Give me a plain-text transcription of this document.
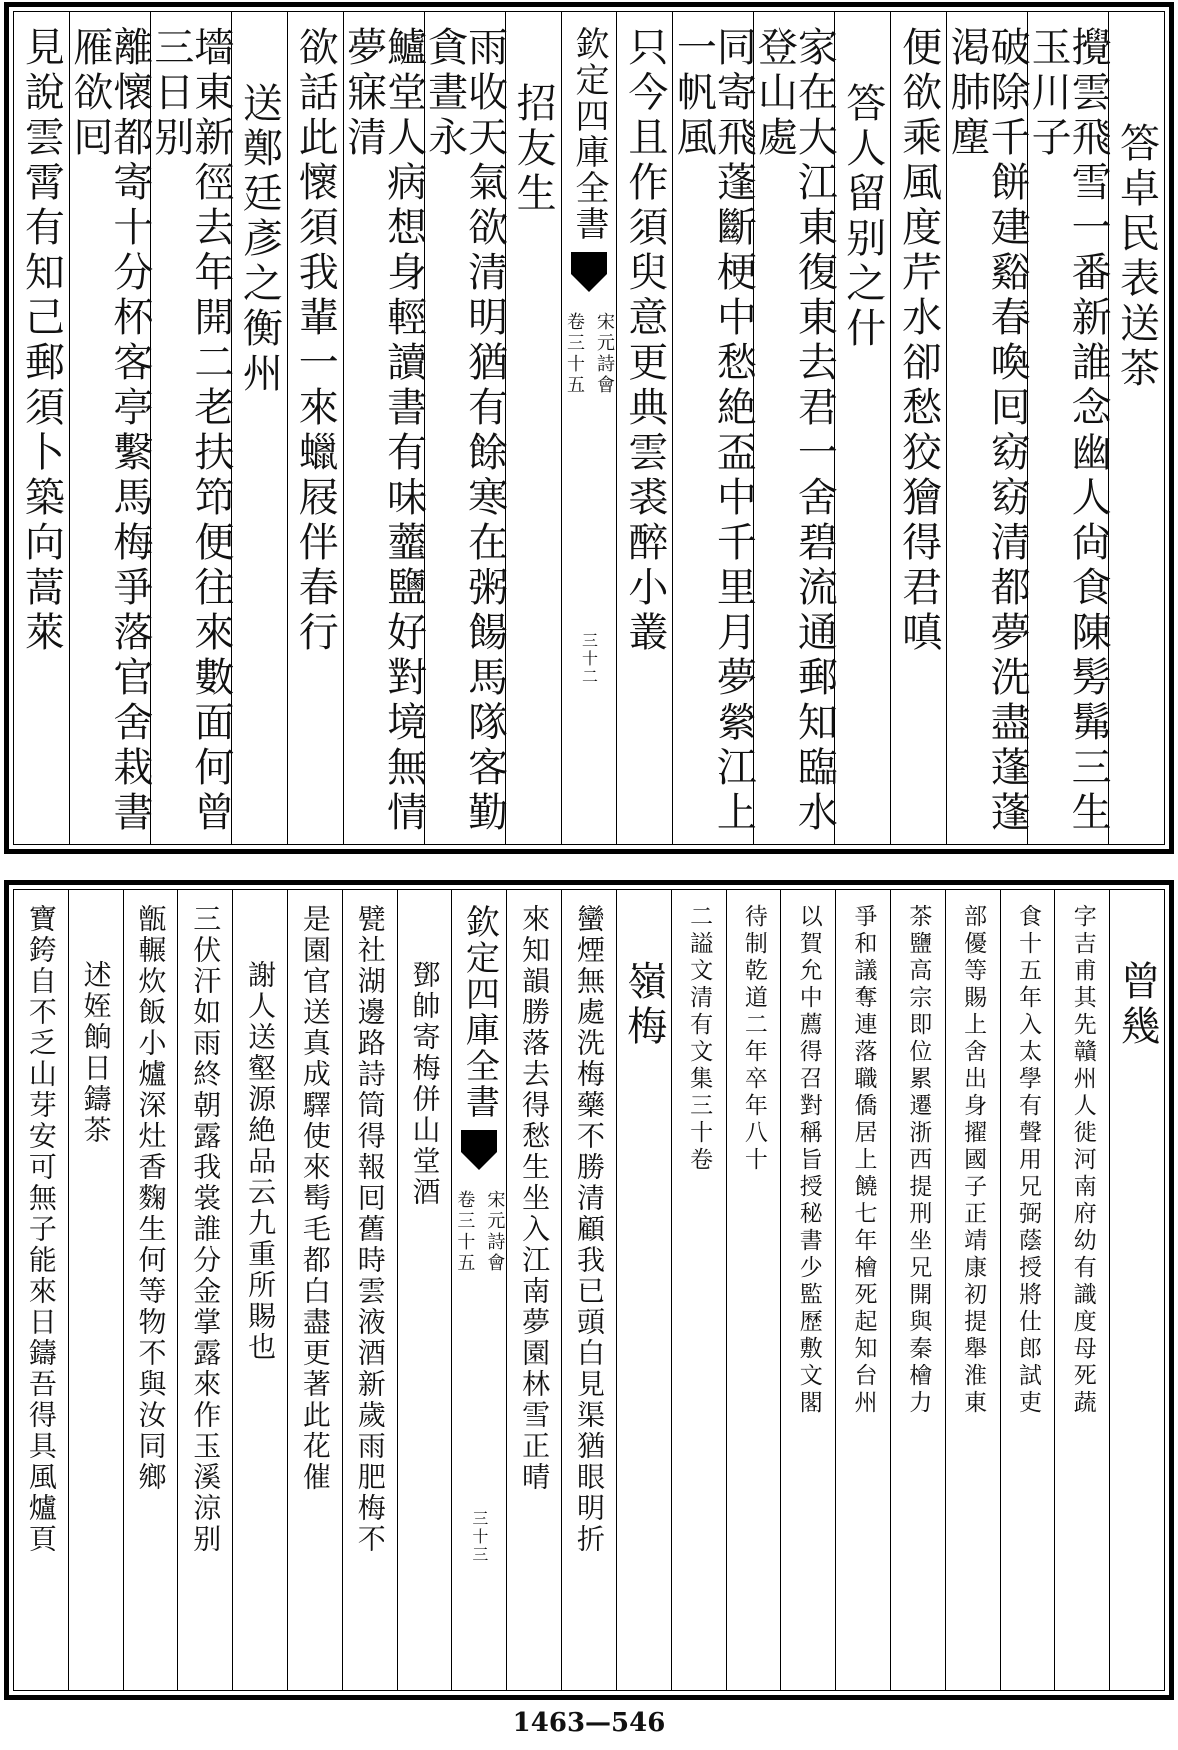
答卓民表送茶
攪雲飛雪一番新誰念幽人尙食陳髣髴三生玉川子
破除千餅建谿春喚囘窈窈清都夢洗盡蓬蓬渇肺塵
便欲乘風度芹水卻愁狡獪得君嗔
答人留别之什
家在大江東復東去君一舍碧流通郵知臨水登山處
同寄飛蓬斷梗中愁絶盃中千里月夢縈江上一帆風
只今且作須臾意更典雲裘醉小叢
欽定四庫全書
宋元詩會
卷三十五
三十二
招友生
雨收天氣欲清明猶有餘寒在粥餳馬隊客勤貪晝永
鱸堂人病想身輕讀書有味虀鹽好對境無情夢寐清
欲話此懷須我輩一來蠟屐伴春行
送鄭廷彥之衡州
墻東新徑去年開二老扶笻便往來數面何曾三日别
離懷都寄十分杯客亭繫馬梅爭落官舍栽書雁欲囘
見說雲霄有知己郵須卜築向蒿萊
曾幾
字吉甫其先贛州人徙河南府幼有識度母死蔬
食十五年入太學有聲用兄弼蔭授將仕郎試吏
部優等賜上舍出身擢國子正靖康初提舉淮東
茶鹽高宗即位累遷浙西提刑坐兄開與秦檜力
爭和議奪連落職僑居上饒七年檜死起知台州
以賀允中薦得召對稱旨授秘書少監歷敷文閣
待制乾道二年卒年八十
二謚文清有文集三十卷
嶺梅
蠻煙無處洗梅藥不勝清顧我已頭白見渠猶眼明折
來知韻勝落去得愁生坐入江南夢園林雪正晴
欽定四庫全書
宋元詩會
卷三十五
三十三
鄧帥寄梅併山堂酒
甓社湖邊路詩筒得報囘舊時雲液酒新歲雨肥梅不
是園官送真成驛使來髩毛都白盡更著此花催
謝人送壑源絶品云九重所賜也
三伏汗如雨終朝露我裳誰分金掌露來作玉溪涼别
甑輾炊飯小爐深灶香麴生何等物不與汝同鄉
述姪餉日鑄茶
寶銙自不乏山芽安可無子能來日鑄吾得具風爐頁
1463—546
